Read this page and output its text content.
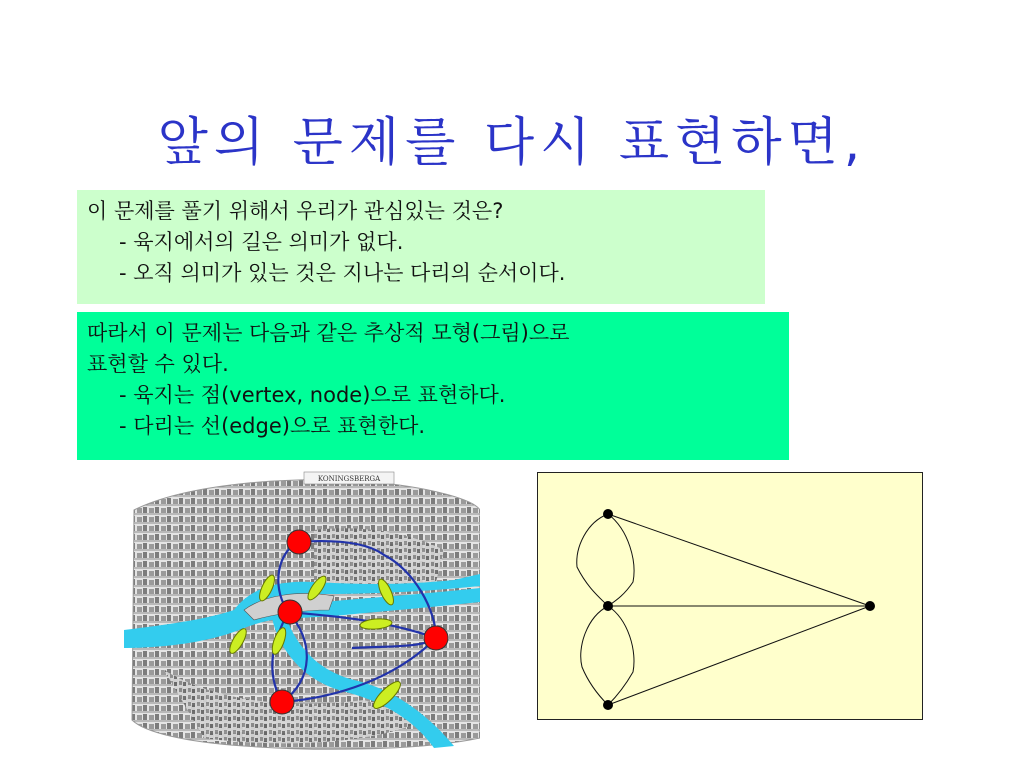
앞의 문제를 다시 표현하면,
이 문제를 풀기 위해서 우리가 관심있는 것은?
- 육지에서의 길은 의미가 없다.
- 오직 의미가 있는 것은 지나는 다리의 순서이다.
따라서 이 문제는 다음과 같은 추상적 모형(그림)으로
표현할 수 있다.
- 육지는 점(vertex, node)으로 표현하다.
- 다리는 선(edge)으로 표현한다.
KONINGSBERGA
